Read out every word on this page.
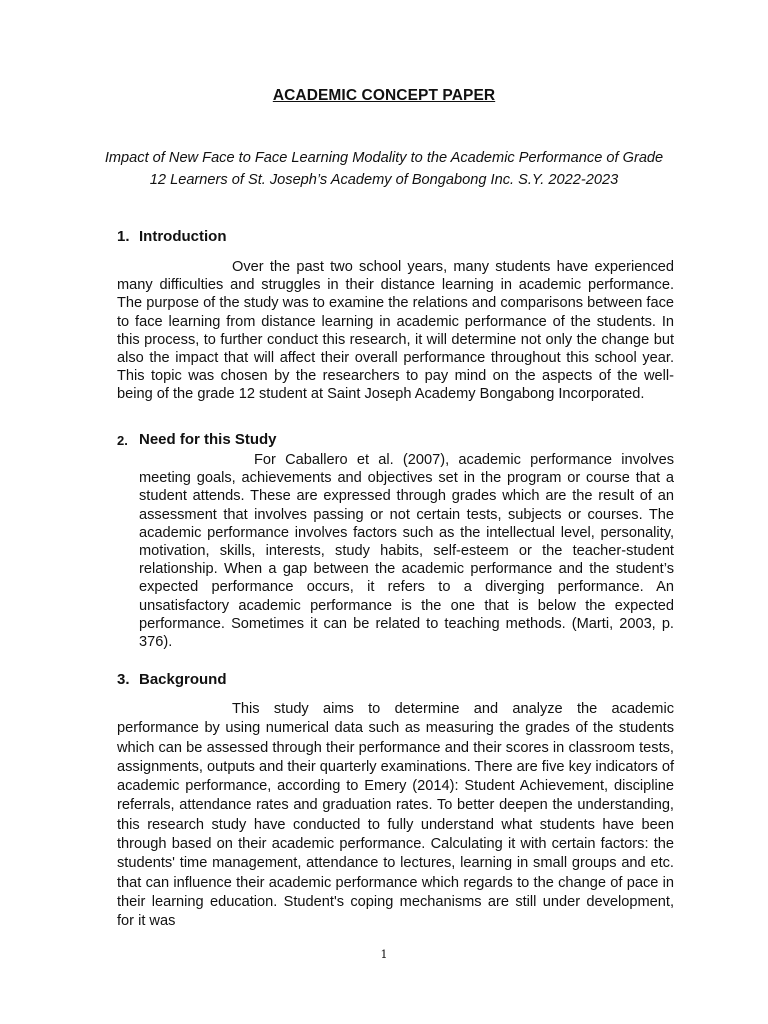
ACADEMIC CONCEPT PAPER
Impact of New Face to Face Learning Modality to the Academic Performance of Grade 12 Learners of St. Joseph’s Academy of Bongabong Inc. S.Y. 2022-2023
1. Introduction
Over the past two school years, many students have experienced many difficulties and struggles in their distance learning in academic performance. The purpose of the study was to examine the relations and comparisons between face to face learning from distance learning in academic performance of the students. In this process, to further conduct this research, it will determine not only the change but also the impact that will affect their overall performance throughout this school year. This topic was chosen by the researchers to pay mind on the aspects of the well-being of the grade 12 student at Saint Joseph Academy Bongabong Incorporated.
2. Need for this Study
For Caballero et al. (2007), academic performance involves meeting goals, achievements and objectives set in the program or course that a student attends. These are expressed through grades which are the result of an assessment that involves passing or not certain tests, subjects or courses. The academic performance involves factors such as the intellectual level, personality, motivation, skills, interests, study habits, self-esteem or the teacher-student relationship. When a gap between the academic performance and the student’s expected performance occurs, it refers to a diverging performance. An unsatisfactory academic performance is the one that is below the expected performance. Sometimes it can be related to teaching methods. (Marti, 2003, p. 376).
3. Background
This study aims to determine and analyze the academic performance by using numerical data such as measuring the grades of the students which can be assessed through their performance and their scores in classroom tests, assignments, outputs and their quarterly examinations. There are five key indicators of academic performance, according to Emery (2014): Student Achievement, discipline referrals, attendance rates and graduation rates. To better deepen the understanding, this research study have conducted to fully understand what students have been through based on their academic performance. Calculating it with certain factors: the students' time management, attendance to lectures, learning in small groups and etc. that can influence their academic performance which regards to the change of pace in their learning education. Student's coping mechanisms are still under development, for it was
1
